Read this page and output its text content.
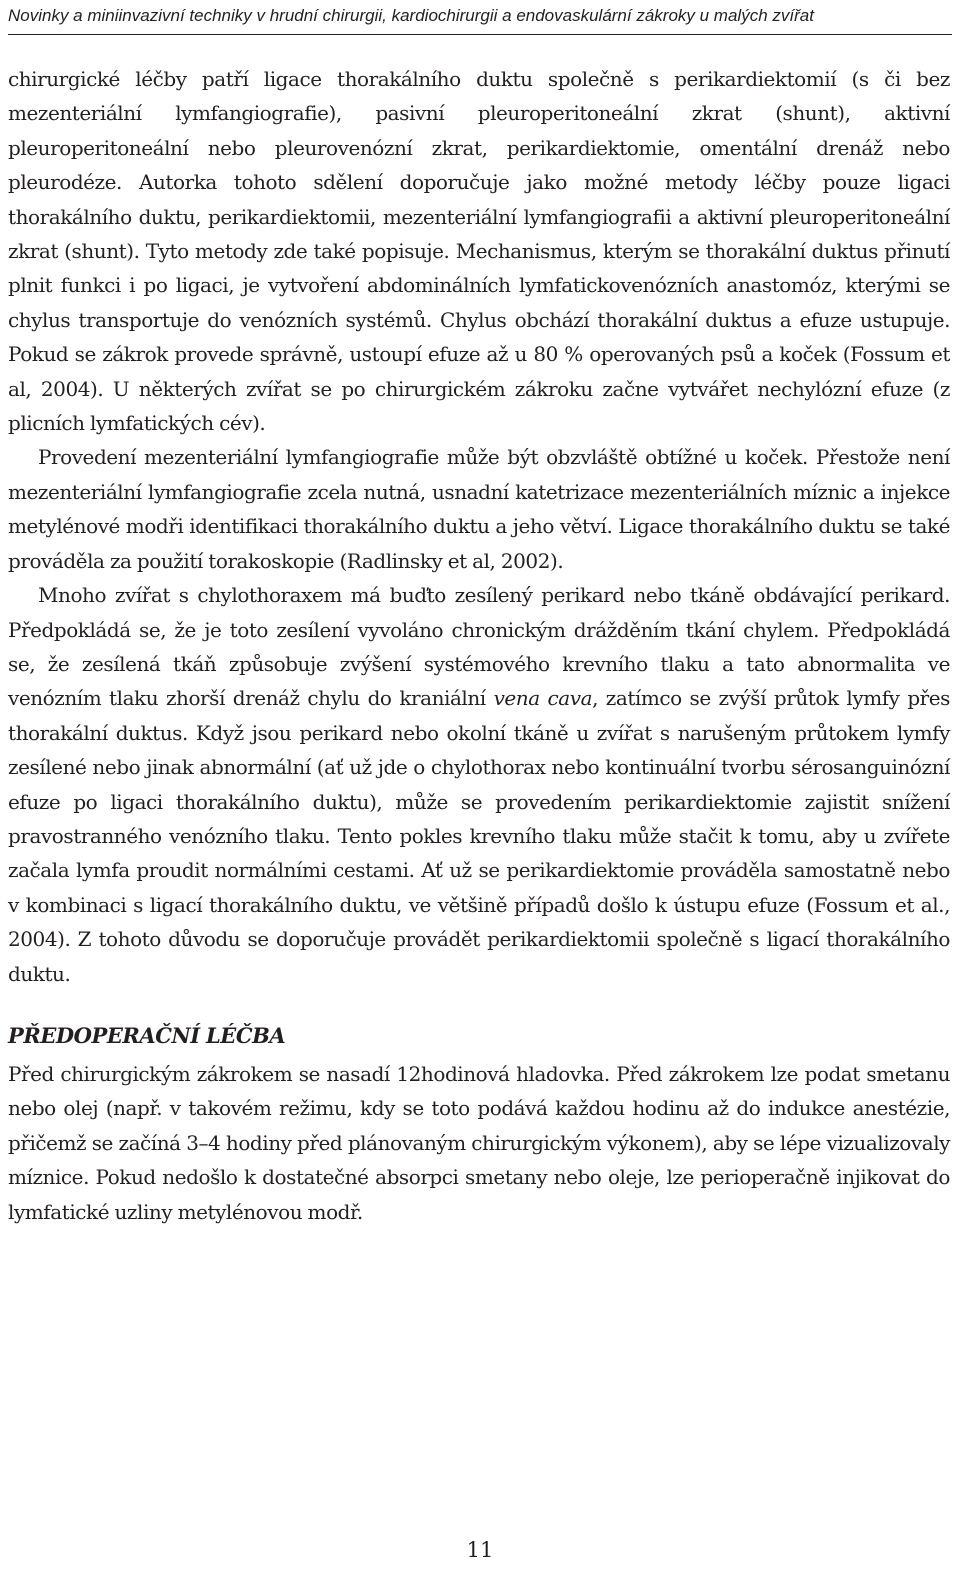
Novinky a miniinvazivní techniky v hrudní chirurgii, kardiochirurgii a endovaskulární zákroky u malých zvířat

chirurgické léčby patří ligace thorakálního duktu společně s perikardiektomií (s či bez mezenteriální lymfangiografie), pasivní pleuroperitoneální zkrat (shunt), aktivní pleuroperitoneální nebo pleurovenózní zkrat, perikardiektomie, omentální drenáž nebo pleurodéze. Autorka tohoto sdělení doporučuje jako možné metody léčby pouze ligaci thorakálního duktu, perikardiektomii, mezenteriální lymfangiografii a aktivní pleuroperitoneální zkrat (shunt). Tyto metody zde také popisuje. Mechanismus, kterým se thorakální duktus přinutí plnit funkci i po ligaci, je vytvoření abdominálních lymfatickovenózních anastomóz, kterými se chylus transportuje do venózních systémů. Chylus obchází thorakální duktus a efuze ustupuje. Pokud se zákrok provede správně, ustoupí efuze až u 80 % operovaných psů a koček (Fossum et al, 2004). U některých zvířat se po chirurgickém zákroku začne vytvářet nechylózní efuze (z plicních lymfatických cév).

Provedení mezenteriální lymfangiografie může být obzvláště obtížné u koček. Přestože není mezenteriální lymfangiografie zcela nutná, usnadní katetrizace mezenteriálních míznic a injekce metylénové modři identifikaci thorakálního duktu a jeho větví. Ligace thorakálního duktu se také prováděla za použití torakoskopie (Radlinsky et al, 2002).

Mnoho zvířat s chylothoraxem má buďto zesílený perikard nebo tkáně obdávající perikard. Předpokládá se, že je toto zesílení vyvoláno chronickým drážděním tkání chylem. Předpokládá se, že zesílená tkáň způsobuje zvýšení systémového krevního tlaku a tato abnormalita ve venózním tlaku zhorší drenáž chylu do kraniální vena cava, zatímco se zvýší průtok lymfy přes thorakální duktus. Když jsou perikard nebo okolní tkáně u zvířat s narušeným průtokem lymfy zesílené nebo jinak abnormální (ať už jde o chylothorax nebo kontinuální tvorbu sérosanguinózní efuze po ligaci thorakálního duktu), může se provedením perikardiektomie zajistit snížení pravostranného venózního tlaku. Tento pokles krevního tlaku může stačit k tomu, aby u zvířete začala lymfa proudit normálními cestami. Ať už se perikardiektomie prováděla samostatně nebo v kombinaci s ligací thorakálního duktu, ve většině případů došlo k ústupu efuze (Fossum et al., 2004). Z tohoto důvodu se doporučuje provádět perikardiektomii společně s ligací thorakálního duktu.

PŘEDOPERAČNÍ LÉČBA

Před chirurgickým zákrokem se nasadí 12hodinová hladovka. Před zákrokem lze podat smetanu nebo olej (např. v takovém režimu, kdy se toto podává každou hodinu až do indukce anestézie, přičemž se začíná 3–4 hodiny před plánovaným chirurgickým výkonem), aby se lépe vizualizovaly míznice. Pokud nedošlo k dostatečné absorpci smetany nebo oleje, lze perioperačně injikovat do lymfatické uzliny metylénovou modř.

11
